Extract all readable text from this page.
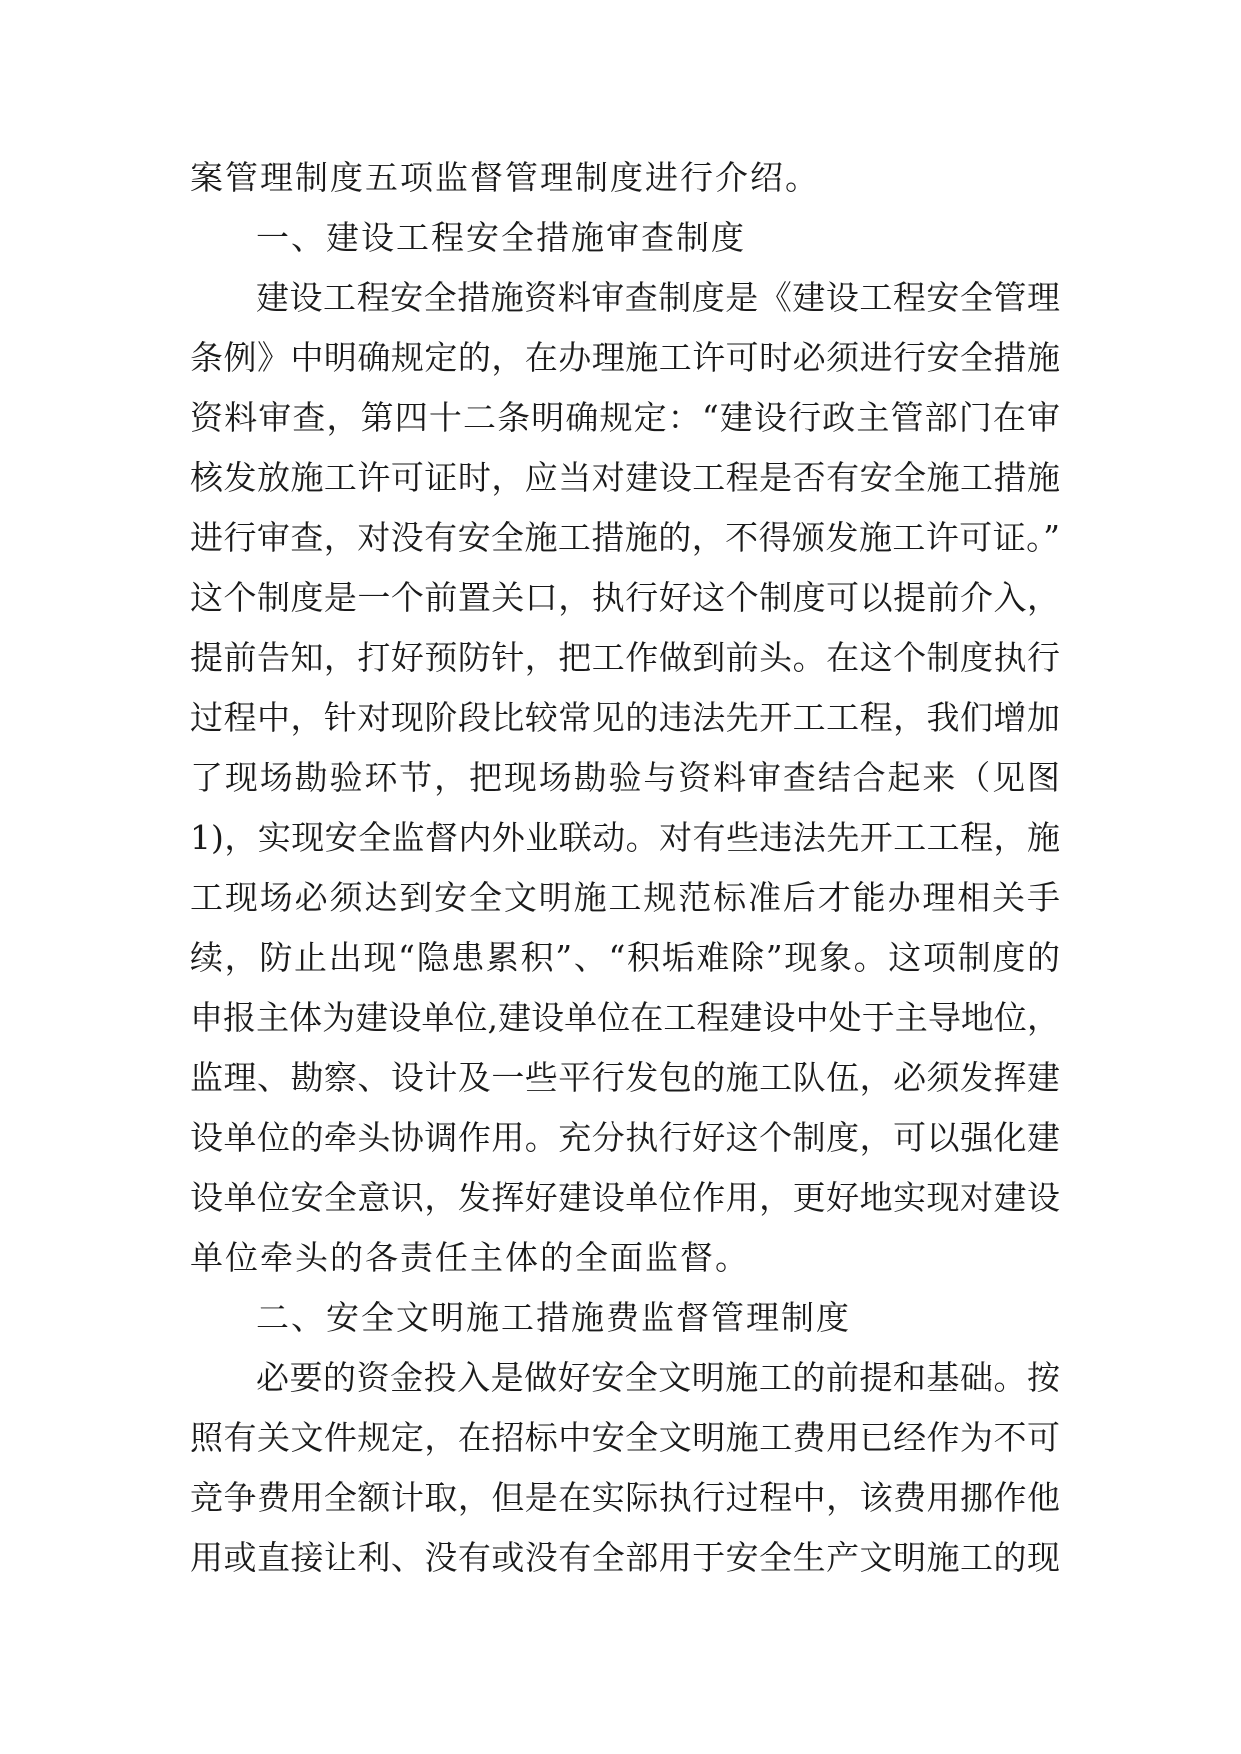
案管理制度五项监督管理制度进行介绍。
一、建设工程安全措施审查制度
建设工程安全措施资料审查制度是《建设工程安全管理
条例》中明确规定的，在办理施工许可时必须进行安全措施
资料审查，第四十二条明确规定：“建设行政主管部门在审
核发放施工许可证时，应当对建设工程是否有安全施工措施
进行审查，对没有安全施工措施的，不得颁发施工许可证。”
这个制度是一个前置关口，执行好这个制度可以提前介入，
提前告知，打好预防针，把工作做到前头。在这个制度执行
过程中，针对现阶段比较常见的违法先开工工程，我们增加
了现场勘验环节，把现场勘验与资料审查结合起来（见图
1)，实现安全监督内外业联动。对有些违法先开工工程，施
工现场必须达到安全文明施工规范标准后才能办理相关手
续，防止出现“隐患累积”、“积垢难除”现象。这项制度的
申报主体为建设单位,建设单位在工程建设中处于主导地位，
监理、勘察、设计及一些平行发包的施工队伍，必须发挥建
设单位的牵头协调作用。充分执行好这个制度，可以强化建
设单位安全意识，发挥好建设单位作用，更好地实现对建设
单位牵头的各责任主体的全面监督。
二、安全文明施工措施费监督管理制度
必要的资金投入是做好安全文明施工的前提和基础。按
照有关文件规定，在招标中安全文明施工费用已经作为不可
竞争费用全额计取，但是在实际执行过程中，该费用挪作他
用或直接让利、没有或没有全部用于安全生产文明施工的现
